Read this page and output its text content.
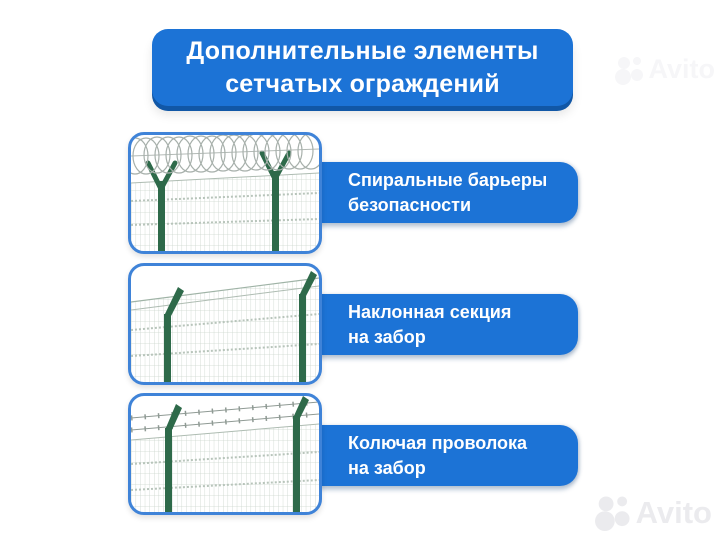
Дополнительные элементы
сетчатых ограждений
Спиральные барьеры
безопасности
Наклонная секция
на забор
Колючая проволока
на забор
Avito
Avito
